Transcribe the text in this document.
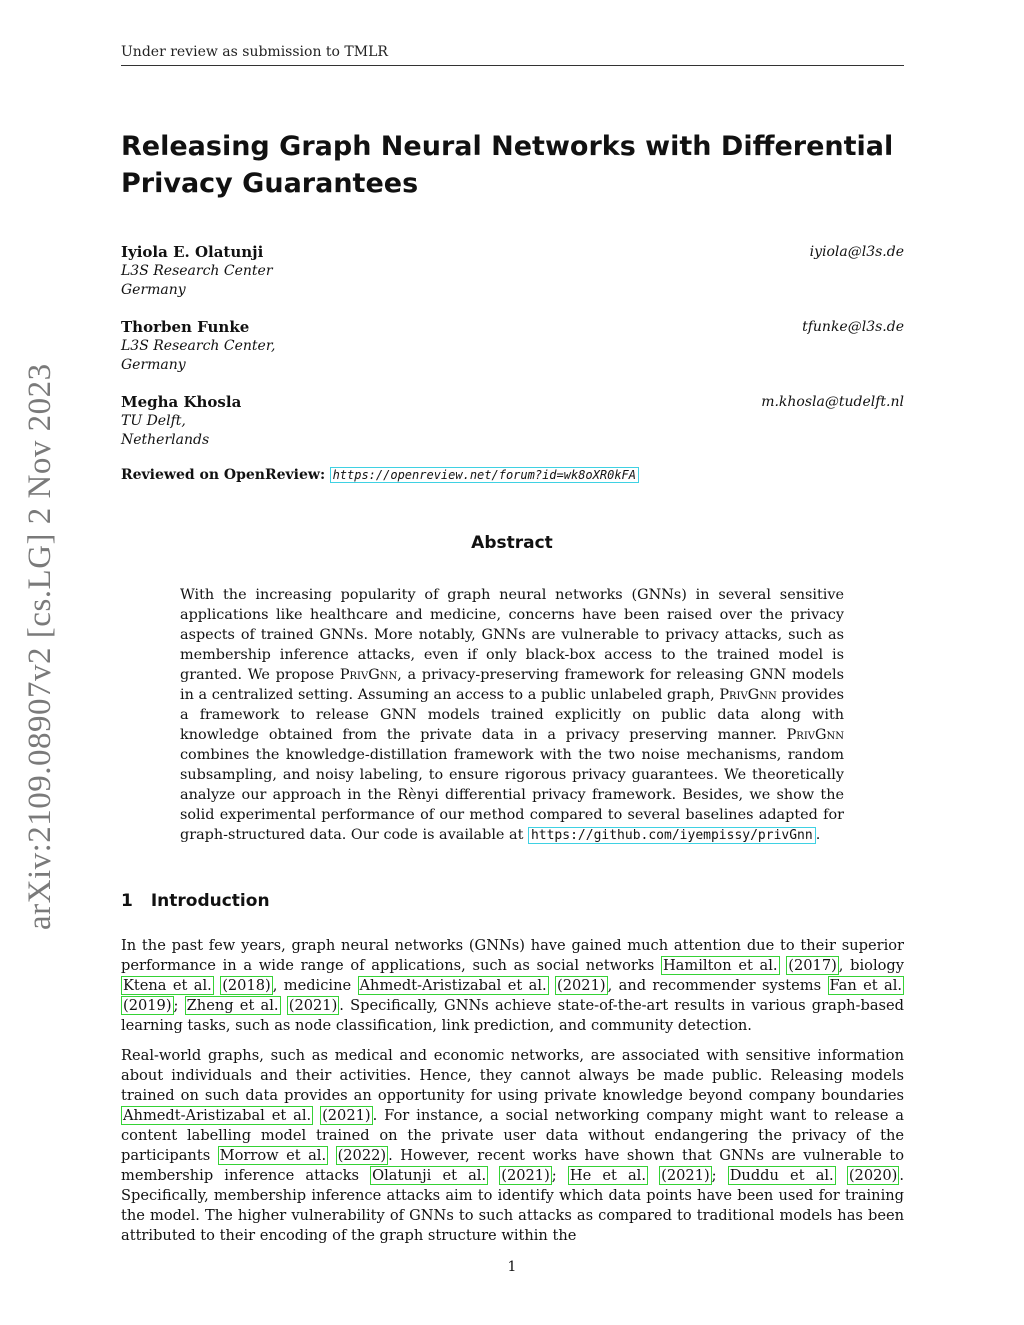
Under review as submission to TMLR
arXiv:2109.08907v2 [cs.LG] 2 Nov 2023
Releasing Graph Neural Networks with Differential Privacy Guarantees
Iyiola E. Olatunji
L3S Research Center
Germany
iyiola@l3s.de
Thorben Funke
L3S Research Center,
Germany
tfunke@l3s.de
Megha Khosla
TU Delft,
Netherlands
m.khosla@tudelft.nl
Reviewed on OpenReview: https://openreview.net/forum?id=wk8oXR0kFA
Abstract
With the increasing popularity of graph neural networks (GNNs) in several sensitive applications like healthcare and medicine, concerns have been raised over the privacy aspects of trained GNNs. More notably, GNNs are vulnerable to privacy attacks, such as membership inference attacks, even if only black-box access to the trained model is granted. We propose PrivGnn, a privacy-preserving framework for releasing GNN models in a centralized setting. Assuming an access to a public unlabeled graph, PrivGnn provides a framework to release GNN models trained explicitly on public data along with knowledge obtained from the private data in a privacy preserving manner. PrivGnn combines the knowledge-distillation framework with the two noise mechanisms, random subsampling, and noisy labeling, to ensure rigorous privacy guarantees. We theoretically analyze our approach in the Rènyi differential privacy framework. Besides, we show the solid experimental performance of our method compared to several baselines adapted for graph-structured data. Our code is available at https://github.com/iyempissy/privGnn .
1 Introduction
In the past few years, graph neural networks (GNNs) have gained much attention due to their superior performance in a wide range of applications, such as social networks Hamilton et al. (2017) , biology Ktena et al. (2018) , medicine Ahmedt-Aristizabal et al. (2021) , and recommender systems Fan et al. (2019) ; Zheng et al. (2021) . Specifically, GNNs achieve state-of-the-art results in various graph-based learning tasks, such as node classification, link prediction, and community detection.
Real-world graphs, such as medical and economic networks, are associated with sensitive information about individuals and their activities. Hence, they cannot always be made public. Releasing models trained on such data provides an opportunity for using private knowledge beyond company boundaries Ahmedt-Aristizabal et al. (2021) . For instance, a social networking company might want to release a content labelling model trained on the private user data without endangering the privacy of the participants Morrow et al. (2022) . However, recent works have shown that GNNs are vulnerable to membership inference attacks Olatunji et al. (2021) ; He et al. (2021) ; Duddu et al. (2020) . Specifically, membership inference attacks aim to identify which data points have been used for training the model. The higher vulnerability of GNNs to such attacks as compared to traditional models has been attributed to their encoding of the graph structure within the
1
